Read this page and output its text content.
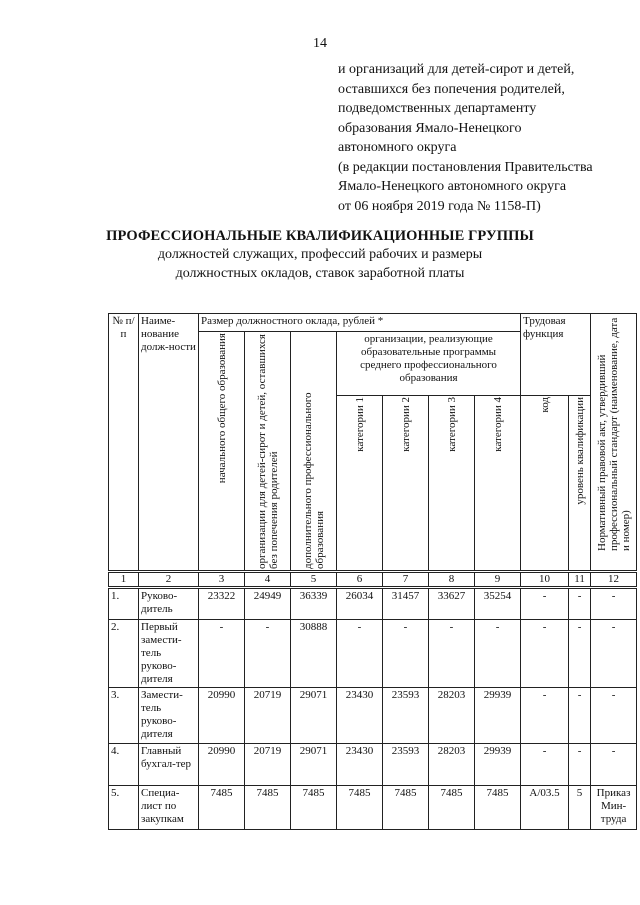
14
и организаций для детей-сирот и детей,
оставшихся без попечения родителей,
подведомственных департаменту
образования Ямало-Ненецкого
автономного округа
(в редакции постановления Правительства
Ямало-Ненецкого автономного округа
от 06 ноября 2019 года № 1158-П)
ПРОФЕССИОНАЛЬНЫЕ КВАЛИФИКАЦИОННЫЕ ГРУППЫ
должностей служащих, профессий рабочих и размеры
должностных окладов, ставок заработной платы
№ п/п	Наиме-нование долж-ности	Размер должностного оклада, рублей *							Трудовая функция		Нормативный правовой акт, утвердивший профессиональный стандарт (наименование, дата и номер)

		начального общего образования	организации для детей-сирот и детей, оставшихся без попечения родителей	дополнительного профессионального образования	организации, реализующие образовательные программы среднего профессионального образования						

					категории 1	категории 2	категории 3	категории 4	код	уровень квалификации	

1	2	3	4	5	6	7	8	9	10	11	12
1.	Руково-дитель	23322	24949	36339	26034	31457	33627	35254	-	-	-
2.	Первый замести-тель руково-дителя	-	-	30888	-	-	-	-	-	-	-
3.	Замести-тель руково-дителя	20990	20719	29071	23430	23593	28203	29939	-	-	-
4.	Главный бухгал-тер	20990	20719	29071	23430	23593	28203	29939	-	-	-
5.	Специа-лист по закупкам	7485	7485	7485	7485	7485	7485	7485	А/03.5	5	Приказ Мин-труда
